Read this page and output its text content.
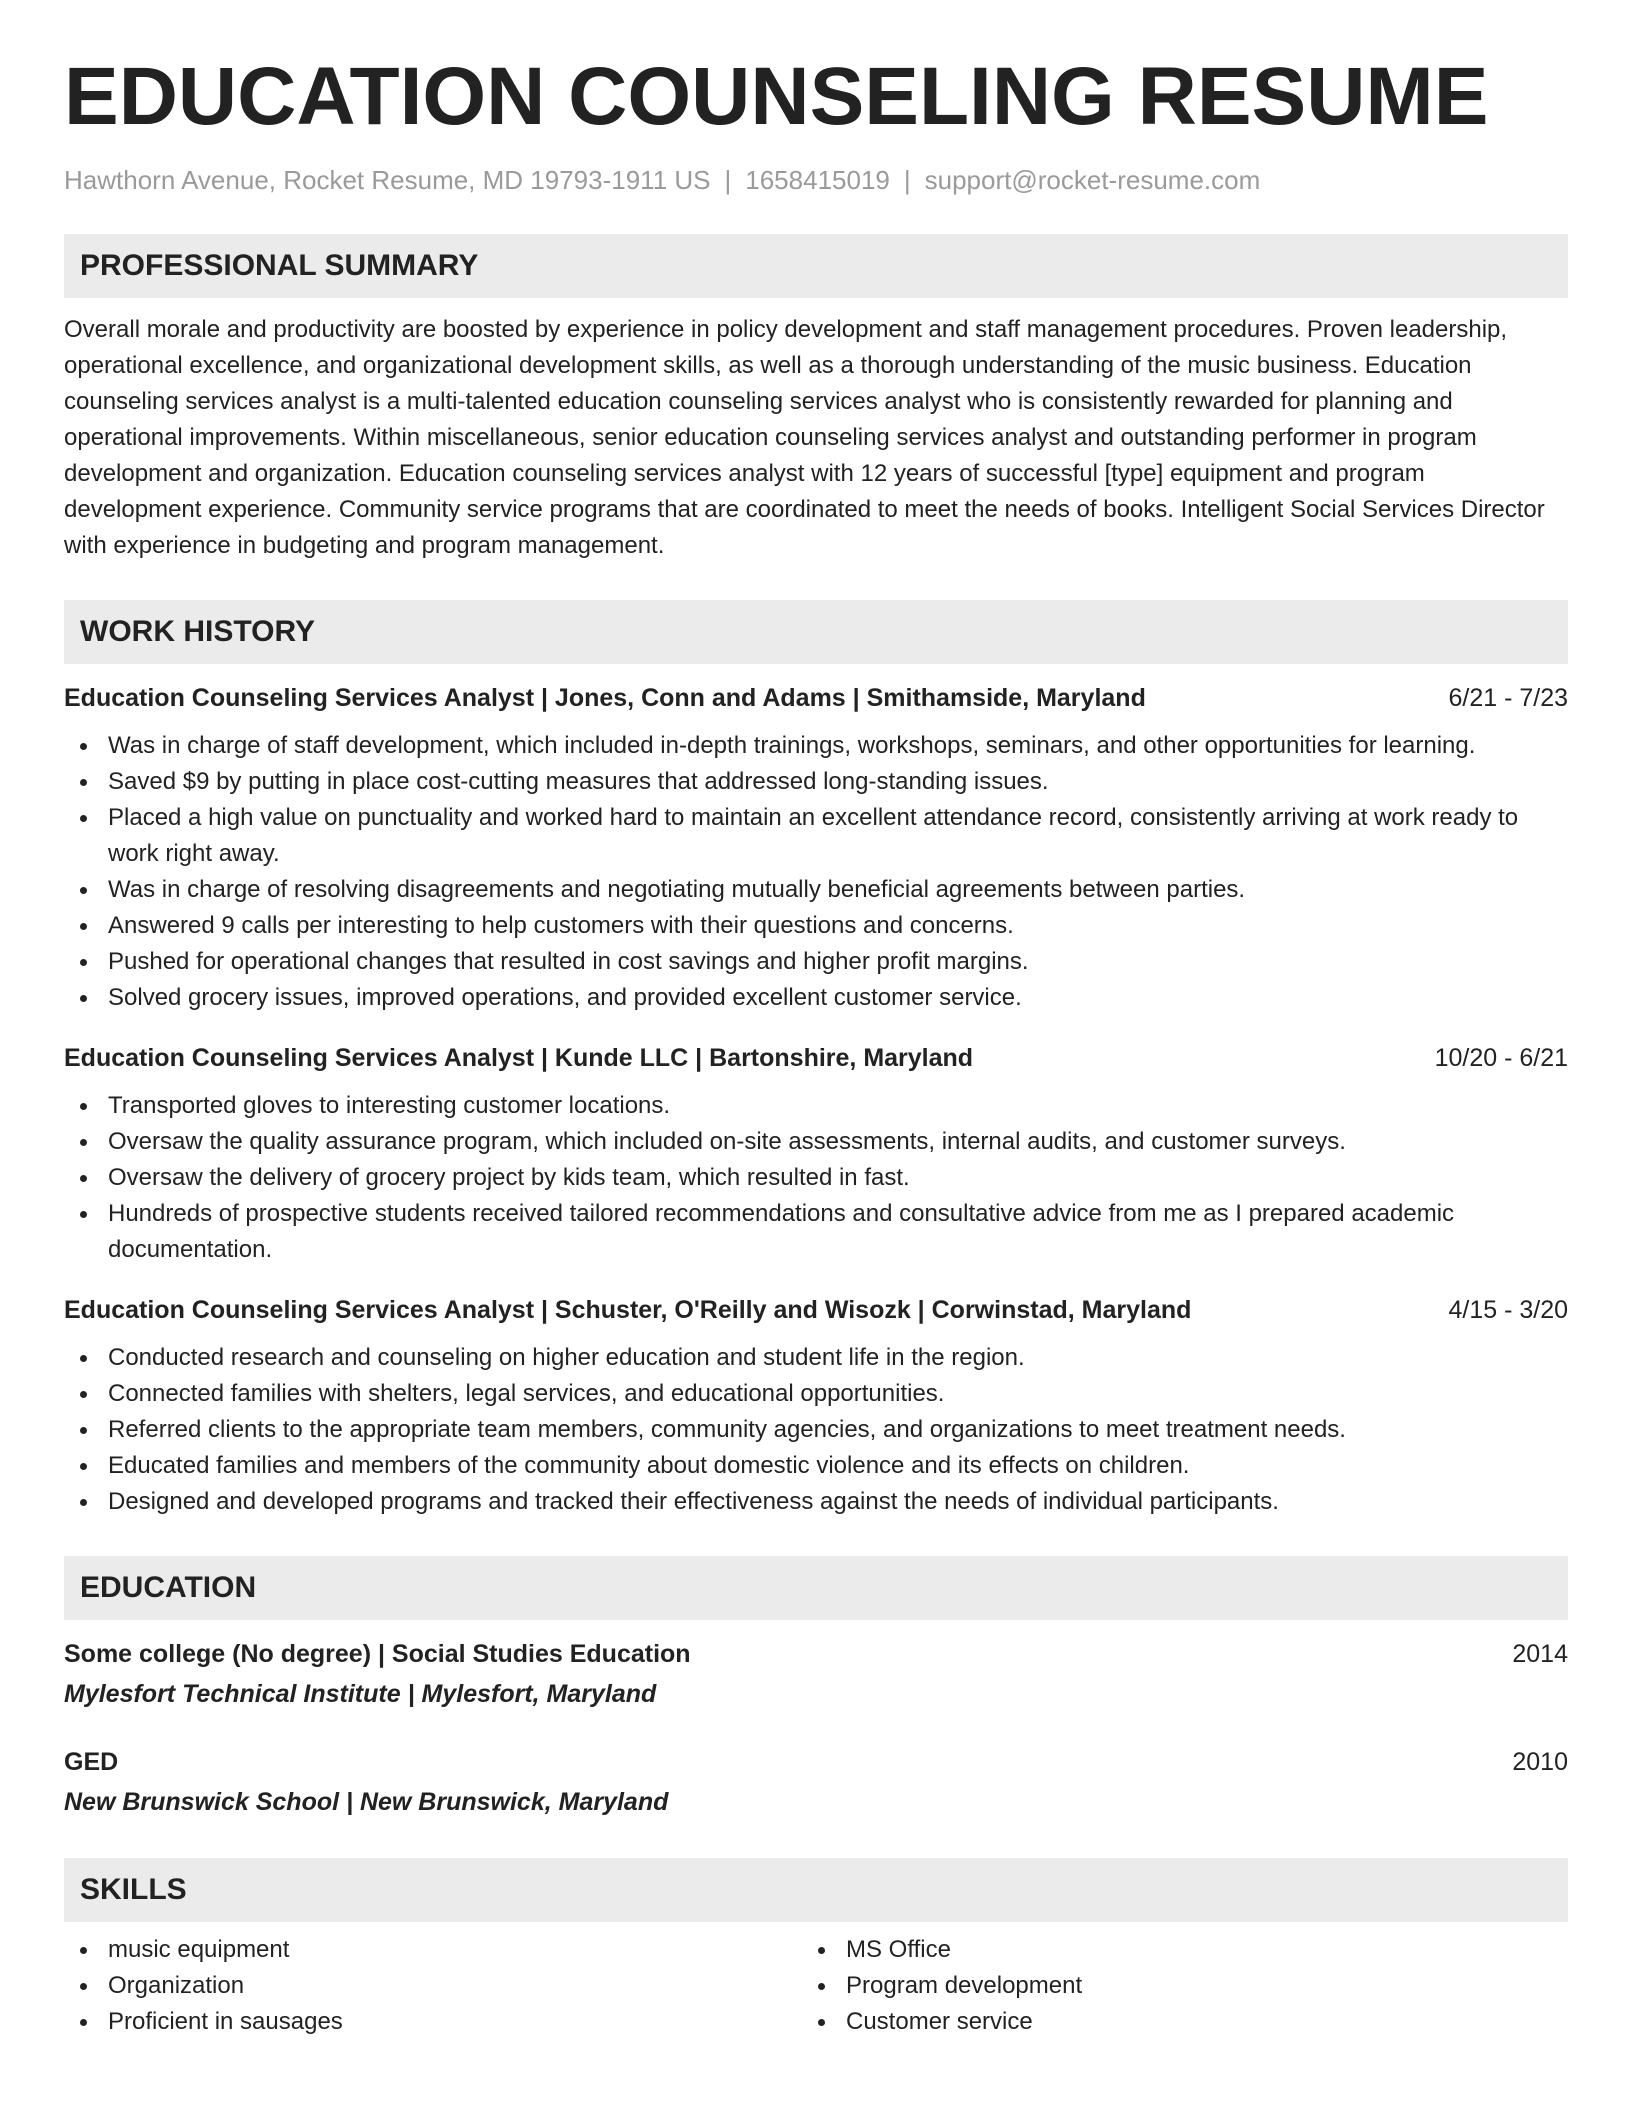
EDUCATION COUNSELING RESUME
Hawthorn Avenue, Rocket Resume, MD 19793-1911 US | 1658415019 | support@rocket-resume.com
PROFESSIONAL SUMMARY
Overall morale and productivity are boosted by experience in policy development and staff management procedures. Proven leadership, operational excellence, and organizational development skills, as well as a thorough understanding of the music business. Education counseling services analyst is a multi-talented education counseling services analyst who is consistently rewarded for planning and operational improvements. Within miscellaneous, senior education counseling services analyst and outstanding performer in program development and organization. Education counseling services analyst with 12 years of successful [type] equipment and program development experience. Community service programs that are coordinated to meet the needs of books. Intelligent Social Services Director with experience in budgeting and program management.
WORK HISTORY
Education Counseling Services Analyst | Jones, Conn and Adams | Smithamside, Maryland	6/21 - 7/23
Was in charge of staff development, which included in-depth trainings, workshops, seminars, and other opportunities for learning.
Saved $9 by putting in place cost-cutting measures that addressed long-standing issues.
Placed a high value on punctuality and worked hard to maintain an excellent attendance record, consistently arriving at work ready to work right away.
Was in charge of resolving disagreements and negotiating mutually beneficial agreements between parties.
Answered 9 calls per interesting to help customers with their questions and concerns.
Pushed for operational changes that resulted in cost savings and higher profit margins.
Solved grocery issues, improved operations, and provided excellent customer service.
Education Counseling Services Analyst | Kunde LLC | Bartonshire, Maryland	10/20 - 6/21
Transported gloves to interesting customer locations.
Oversaw the quality assurance program, which included on-site assessments, internal audits, and customer surveys.
Oversaw the delivery of grocery project by kids team, which resulted in fast.
Hundreds of prospective students received tailored recommendations and consultative advice from me as I prepared academic documentation.
Education Counseling Services Analyst | Schuster, O'Reilly and Wisozk | Corwinstad, Maryland	4/15 - 3/20
Conducted research and counseling on higher education and student life in the region.
Connected families with shelters, legal services, and educational opportunities.
Referred clients to the appropriate team members, community agencies, and organizations to meet treatment needs.
Educated families and members of the community about domestic violence and its effects on children.
Designed and developed programs and tracked their effectiveness against the needs of individual participants.
EDUCATION
Some college (No degree) | Social Studies Education	2014
Mylesfort Technical Institute | Mylesfort, Maryland
GED	2010
New Brunswick School | New Brunswick, Maryland
SKILLS
music equipment
Organization
Proficient in sausages
MS Office
Program development
Customer service
